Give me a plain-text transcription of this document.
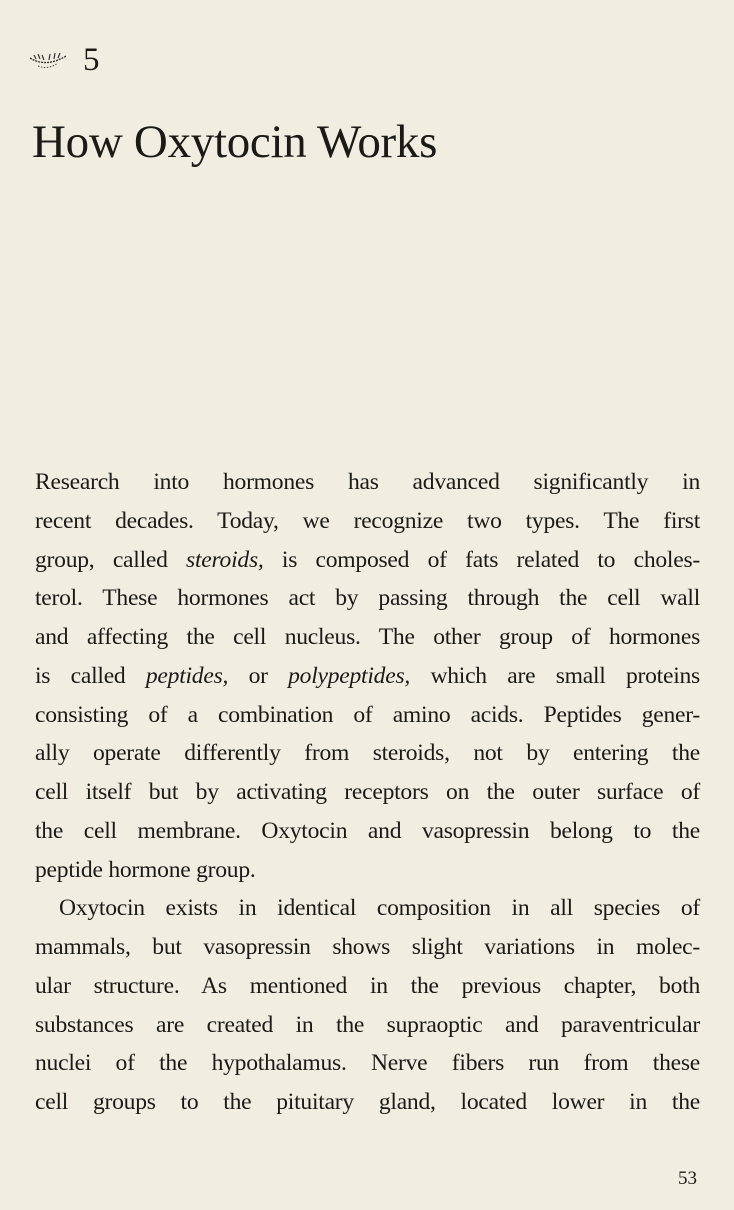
5
How Oxytocin Works
Research into hormones has advanced significantly in
recent decades. Today, we recognize two types. The first
group, called steroids, is composed of fats related to choles-
terol. These hormones act by passing through the cell wall
and affecting the cell nucleus. The other group of hormones
is called peptides, or polypeptides, which are small proteins
consisting of a combination of amino acids. Peptides gener-
ally operate differently from steroids, not by entering the
cell itself but by activating receptors on the outer surface of
the cell membrane. Oxytocin and vasopressin belong to the
peptide hormone group.
Oxytocin exists in identical composition in all species of
mammals, but vasopressin shows slight variations in molec-
ular structure. As mentioned in the previous chapter, both
substances are created in the supraoptic and paraventricular
nuclei of the hypothalamus. Nerve fibers run from these
cell groups to the pituitary gland, located lower in the
53
